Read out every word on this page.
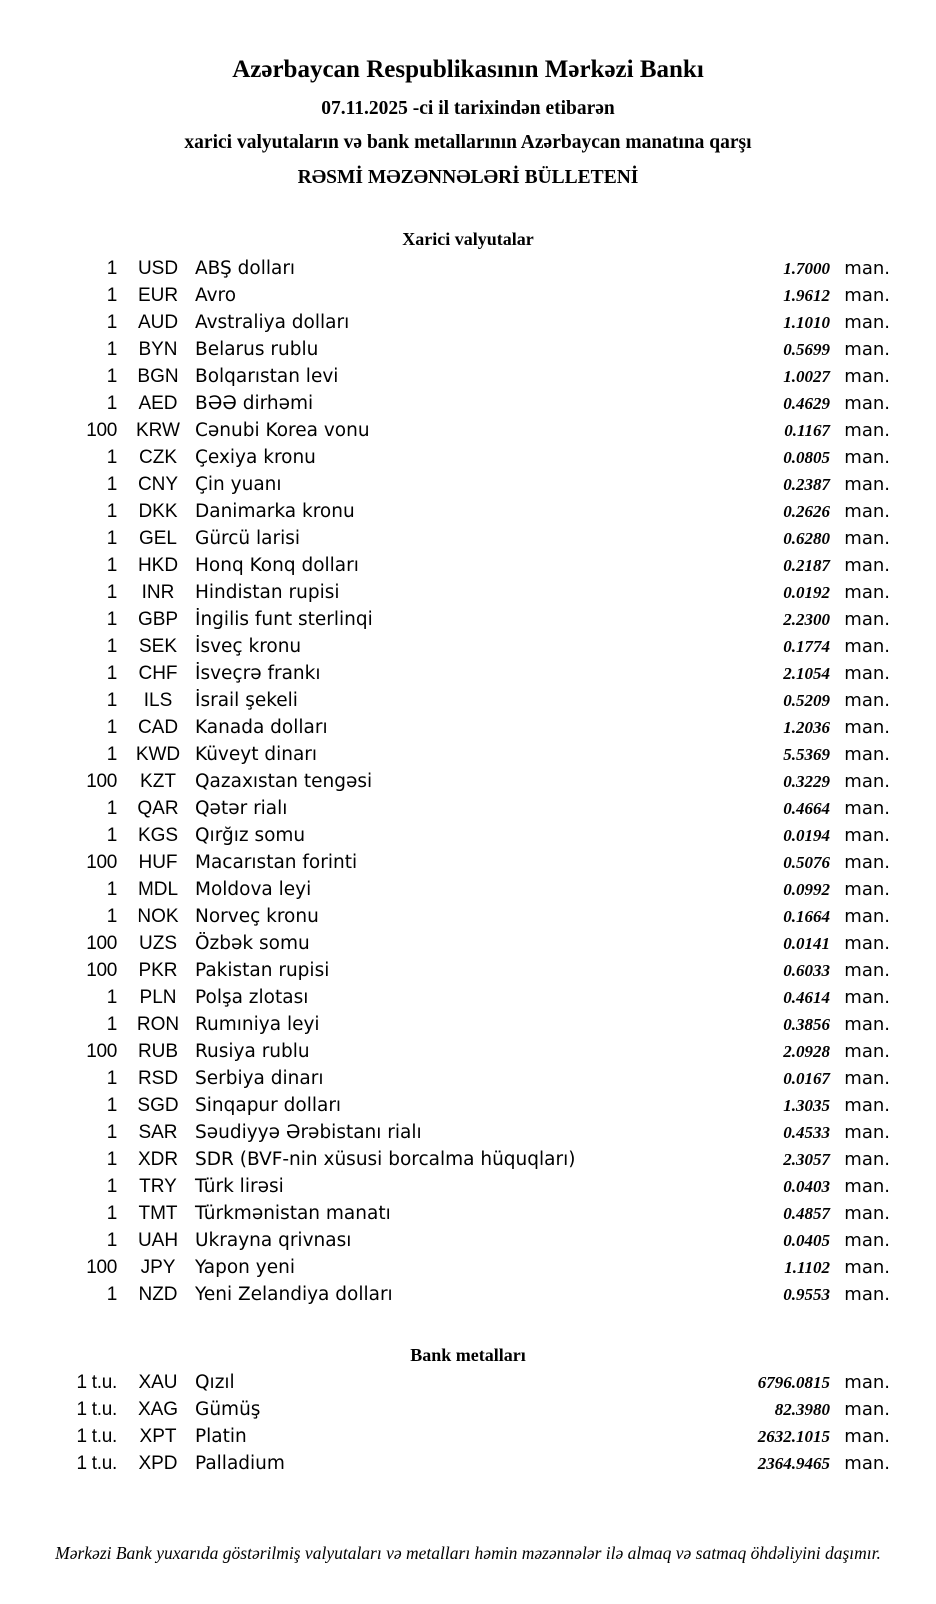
Azərbaycan Respublikasının Mərkəzi Bankı
07.11.2025 -ci il tarixindən etibarən
xarici valyutaların və bank metallarının Azərbaycan manatına qarşı
RƏSMİ MƏZƏNNƏLƏRİ BÜLLETENİ
Xarici valyutalar
1	USD ABŞ dolları	1.7000 man.
1	EUR Avro	1.9612 man.
1	AUD Avstraliya dolları	1.1010 man.
1	BYN Belarus rublu	0.5699 man.
1	BGN Bolqarıstan levi	1.0027 man.
1	AED BƏƏ dirhəmi	0.4629 man.
100	KRW Cənubi Korea vonu	0.1167 man.
1	CZK Çexiya kronu	0.0805 man.
1	CNY Çin yuanı	0.2387 man.
1	DKK Danimarka kronu	0.2626 man.
1	GEL Gürcü larisi	0.6280 man.
1	HKD Honq Konq dolları	0.2187 man.
1	INR	Hindistan rupisi	0.0192 man.
1	GBP İngilis funt sterlinqi	2.2300 man.
1	SEK İsveç kronu	0.1774 man.
1	CHF İsveçrə frankı	2.1054 man.
1	ILS	İsrail şekeli	0.5209 man.
1	CAD Kanada dolları	1.2036 man.
1 KWD Küveyt dinarı	5.5369 man.
100	KZT	Qazaxıstan tengəsi	0.3229 man.
1	QAR Qətər rialı	0.4664 man.
1	KGS Qırğız somu	0.0194 man.
100	HUF Macarıstan forinti	0.5076 man.
1	MDL Moldova leyi	0.0992 man.
1	NOK Norveç kronu	0.1664 man.
100	UZS Özbək somu	0.0141 man.
100	PKR Pakistan rupisi	0.6033 man.
1	PLN	Polşa zlotası	0.4614 man.
1	RON Rumıniya leyi	0.3856 man.
100	RUB Rusiya rublu	2.0928 man.
1	RSD Serbiya dinarı	0.0167 man.
1	SGD Sinqapur dolları	1.3035 man.
1	SAR Səudiyyə Ərəbistanı rialı	0.4533 man.
1	XDR SDR (BVF-nin xüsusi borcalma hüquqları)	2.3057 man.
1	TRY Türk lirəsi	0.0403 man.
1	TMT Türkmənistan manatı	0.4857 man.
1	UAH Ukrayna qrivnası	0.0405 man.
100	JPY	Yapon yeni	1.1102 man.
1	NZD Yeni Zelandiya dolları	0.9553 man.
Bank metalları
1 t.u.	XAU Qızıl	6796.0815 man.
1 t.u.	XAG Gümüş	82.3980 man.
1 t.u.	XPT	Platin	2632.1015 man.
1 t.u.	XPD Palladium	2364.9465 man.
Mərkəzi Bank yuxarıda göstərilmiş valyutaları və metalları həmin məzənnələr ilə almaq və satmaq öhdəliyini daşımır.
